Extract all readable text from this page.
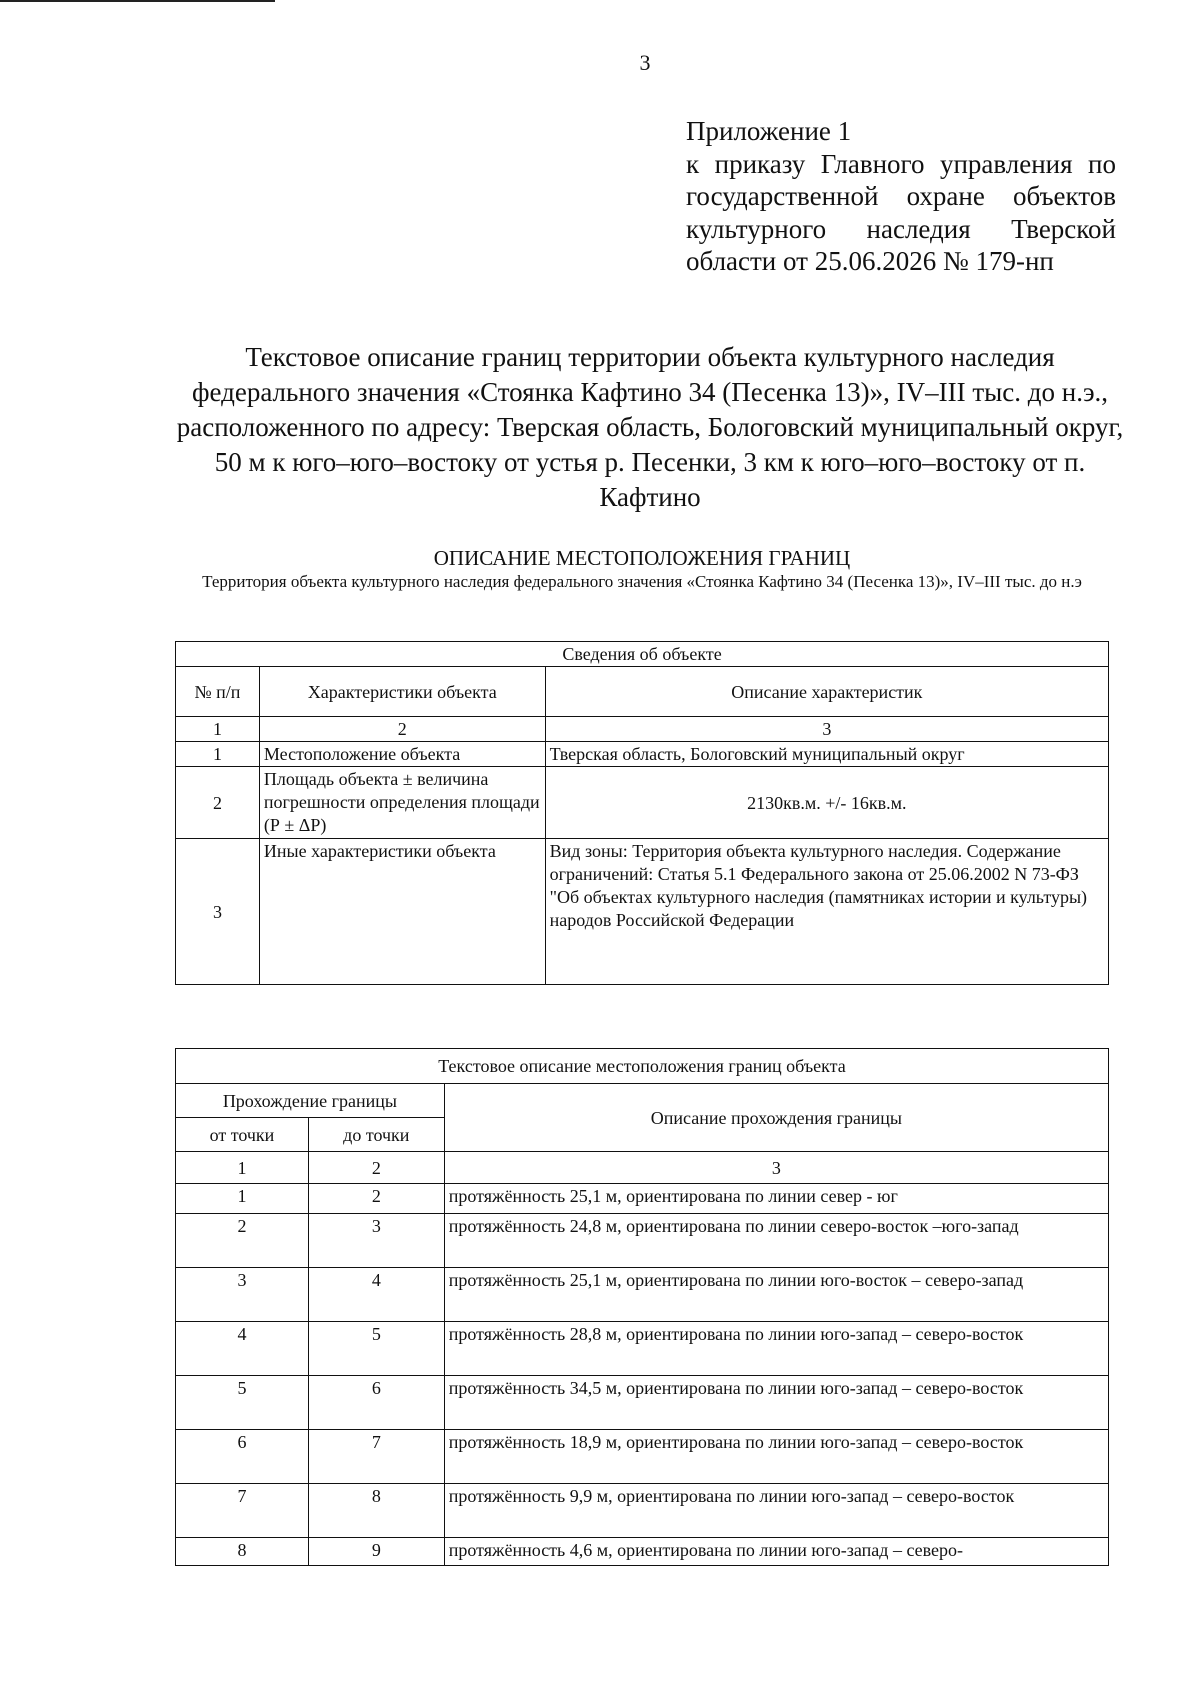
3
Приложение 1
к приказу Главного управления по
государственной охране объектов
культурного наследия Тверской
области от 25.06.2026 № 179-нп
Текстовое описание границ территории объекта культурного наследия федерального значения «Стоянка Кафтино 34 (Песенка 13)», IV–III тыс. до н.э., расположенного по адресу: Тверская область, Бологовский муниципальный округ, 50 м к юго–юго–востоку от устья р. Песенки, 3 км к юго–юго–востоку от п. Кафтино
ОПИСАНИЕ МЕСТОПОЛОЖЕНИЯ ГРАНИЦ
Территория объекта культурного наследия федерального значения «Стоянка Кафтино 34 (Песенка 13)», IV–III тыс. до н.э
Сведения об объекте		
№ п/п	Характеристики объекта	Описание характеристик
1	2	3
1	Местоположение объекта	Тверская область, Бологовский муниципальный округ
2	Площадь объекта ± величина погрешности определения площади (Р ± ΔР)	2130кв.м. +/- 16кв.м.
3	Иные характеристики объекта	Вид зоны: Территория объекта культурного наследия. Содержание ограничений: Статья 5.1 Федерального закона от 25.06.2002 N 73-ФЗ "Об объектах культурного наследия (памятниках истории и культуры) народов Российской Федерации
Текстовое описание местоположения границ объекта		
Прохождение границы		Описание прохождения границы
от точки	до точки	
1	2	3
1	2	протяжённость 25,1 м, ориентирована по линии север - юг
2	3	протяжённость 24,8 м, ориентирована по линии северо-восток –юго-запад
3	4	протяжённость 25,1 м, ориентирована по линии юго-восток – северо-запад
4	5	протяжённость 28,8 м, ориентирована по линии юго-запад – северо-восток
5	6	протяжённость 34,5 м, ориентирована по линии юго-запад – северо-восток
6	7	протяжённость 18,9 м, ориентирована по линии юго-запад – северо-восток
7	8	протяжённость 9,9 м, ориентирована по линии юго-запад – северо-восток
8	9	протяжённость 4,6 м, ориентирована по линии юго-запад – северо-
